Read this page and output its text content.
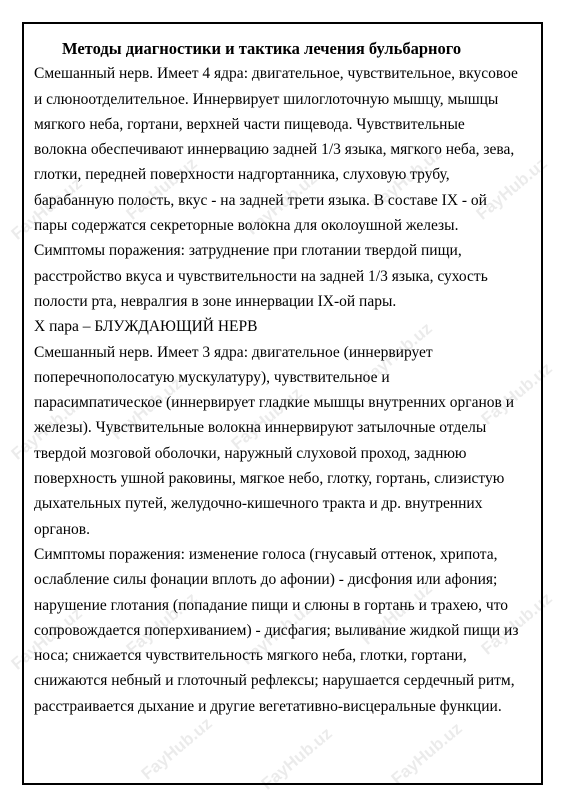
FayHub.uz FayHub.uz FayHub.uz	FayHub.uz FayHub.uz
FayHub.uz FayHub.uz FayHub.uz
FayHub.uz
FayHub.uz
FayHub.uz FayHub.uz FayHub.uz FayHub.uz FayHub.uz
FayHub.uz FayHub.uz	FayHub.uz

Методы диагностики и тактика лечения бульбарного

Смешанный нерв. Имеет 4 ядра: двигательное, чувствительное, вкусовое

и слюноотделительное. Иннервирует шилоглоточную мышцу, мышцы

мягкого неба, гортани, верхней части пищевода. Чувствительные

волокна обеспечивают иннервацию задней 1/3 языка, мягкого неба, зева,

глотки, передней поверхности надгортанника, слуховую трубу,

барабанную полость, вкус - на задней трети языка. В составе IX - ой

пары содержатся секреторные волокна для околоушной железы.

Симптомы поражения: затруднение при глотании твердой пищи,

расстройство вкуса и чувствительности на задней 1/3 языка, сухость

полости рта, невралгия в зоне иннервации IX-ой пары.

X пара – БЛУЖДАЮЩИЙ НЕРВ

Смешанный нерв. Имеет 3 ядра: двигательное (иннервирует

поперечнополосатую мускулатуру), чувствительное и

парасимпатическое (иннервирует гладкие мышцы внутренних органов и

железы). Чувствительные волокна иннервируют затылочные отделы

твердой мозговой оболочки, наружный слуховой проход, заднюю

поверхность ушной раковины, мягкое небо, глотку, гортань, слизистую

дыхательных путей, желудочно-кишечного тракта и др. внутренних

органов.

Симптомы поражения: изменение голоса (гнусавый оттенок, хрипота,

ослабление силы фонации вплоть до афонии) - дисфония или афония;

нарушение глотания (попадание пищи и слюны в гортань и трахею, что

сопровождается поперхиванием) - дисфагия; выливание жидкой пищи из

носа; снижается чувствительность мягкого неба, глотки, гортани,

снижаются небный и глоточный рефлексы; нарушается сердечный ритм,

расстраивается дыхание и другие вегетативно-висцеральные функции.
